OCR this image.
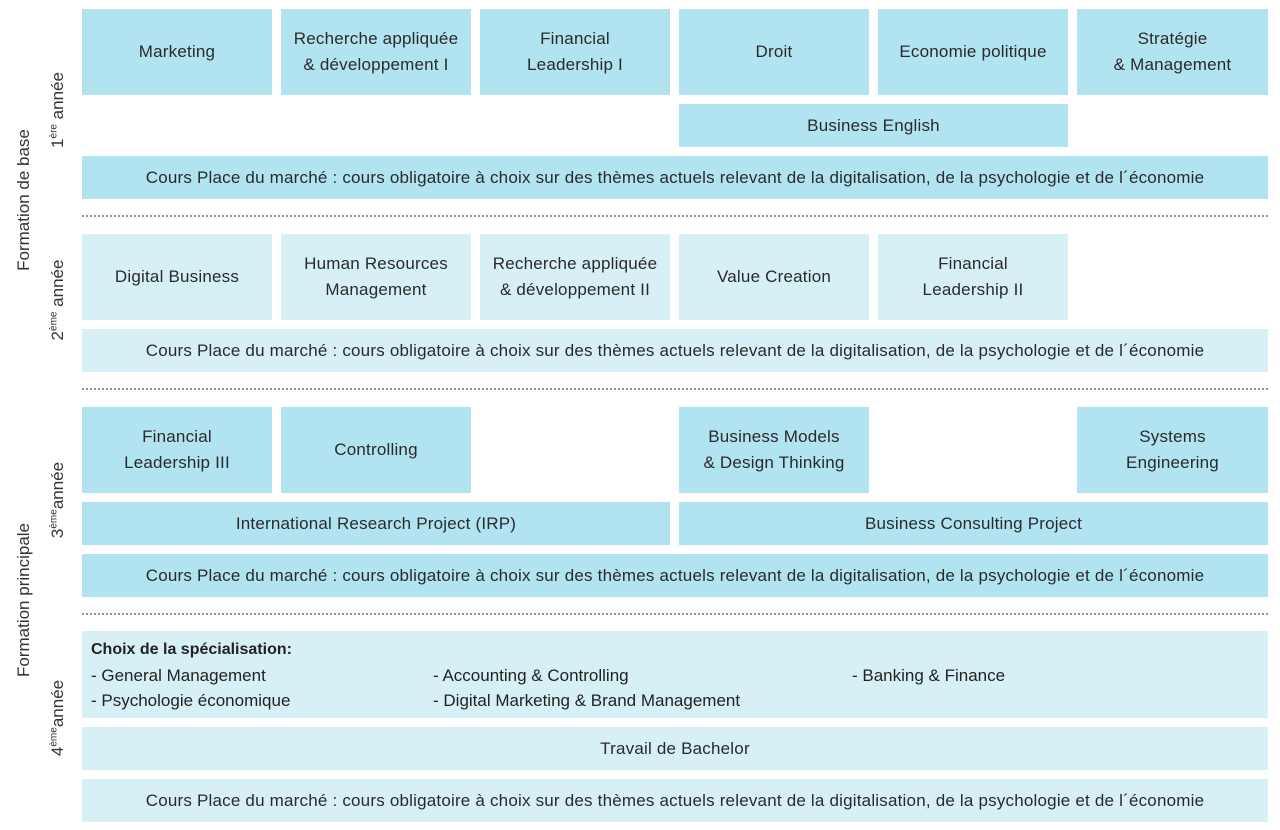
Formation de base
Formation principale
1ère année
2ème année
3èmeannée
4èmeannée
Marketing
Recherche appliquée
& développement I
Financial
Leadership I
Droit	Economie politique
Stratégie
& Management
Business English
Cours Place du marché : cours obligatoire à choix sur des thèmes actuels relevant de la digitalisation, de la psychologie et de l´économie
Digital Business
Human Resources
Management
Recherche appliquée
& développement II
Value Creation
Financial
Leadership II
Cours Place du marché : cours obligatoire à choix sur des thèmes actuels relevant de la digitalisation, de la psychologie et de l´économie
Financial
Leadership III
Controlling
Business Models
& Design Thinking
Systems
Engineering
International Research Project (IRP)	Business Consulting Project
Cours Place du marché : cours obligatoire à choix sur des thèmes actuels relevant de la digitalisation, de la psychologie et de l´économie
Choix de la spécialisation:
- General Management	- Accounting & Controlling	- Banking & Finance
- Psychologie économique	- Digital Marketing & Brand Management
Travail de Bachelor
Cours Place du marché : cours obligatoire à choix sur des thèmes actuels relevant de la digitalisation, de la psychologie et de l´économie
